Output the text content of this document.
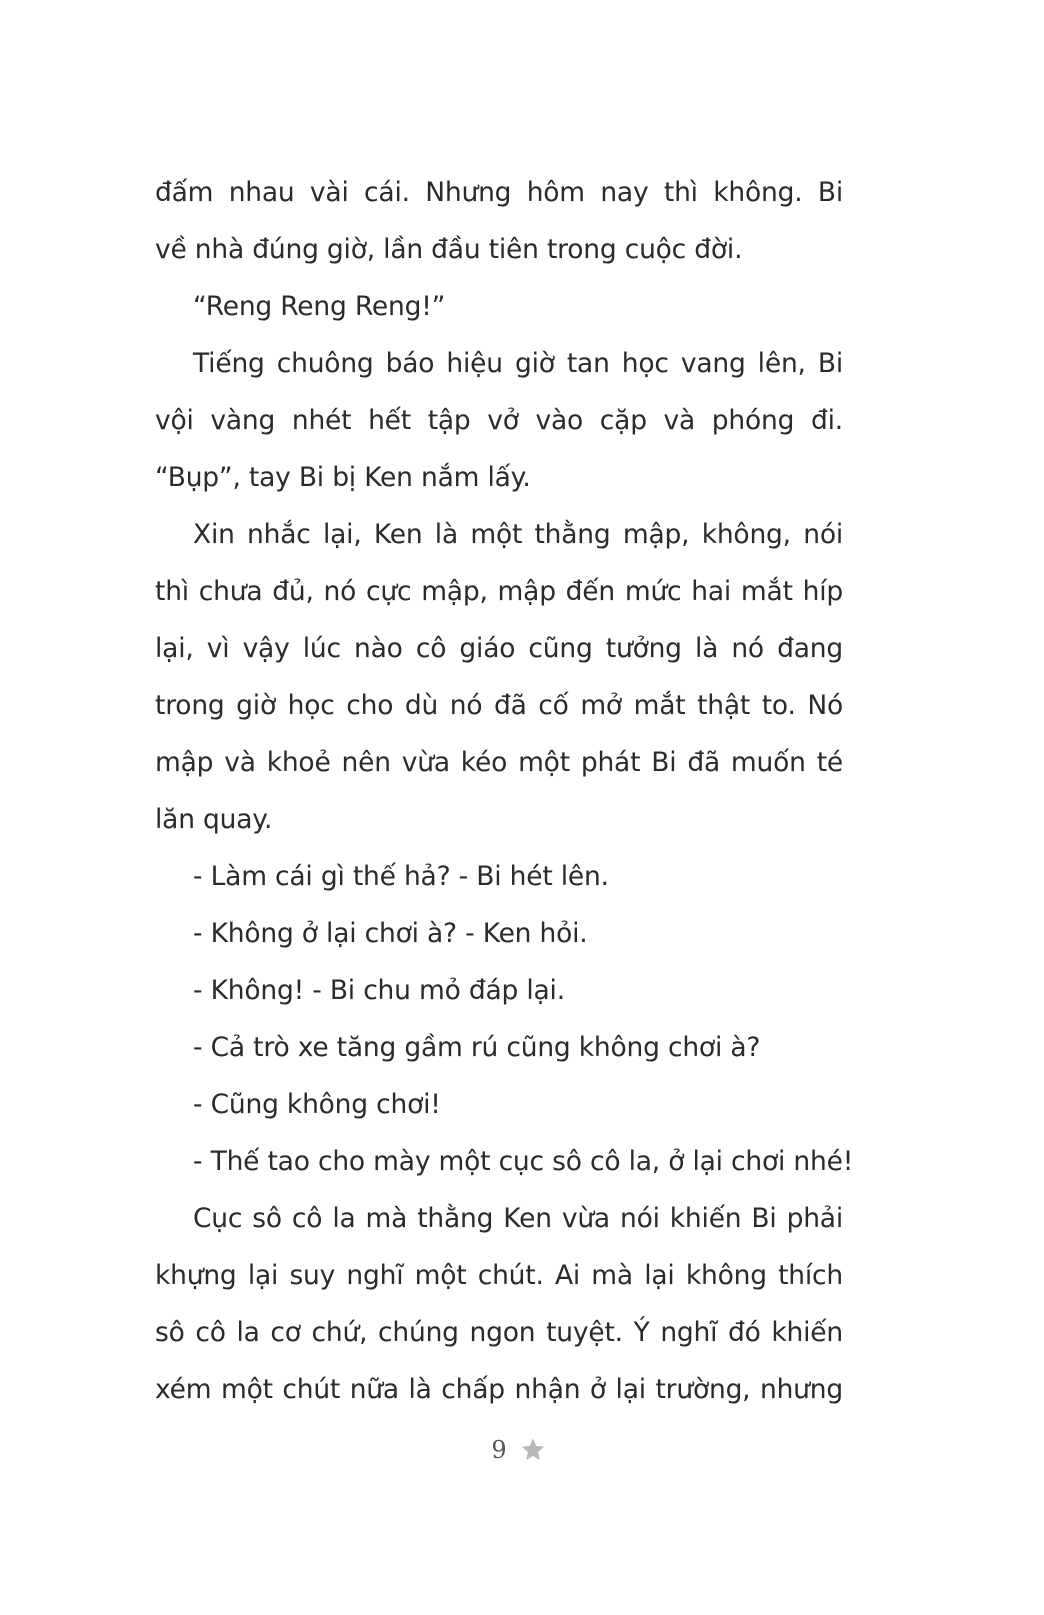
đấm nhau vài cái. Nhưng hôm nay thì không. Bi
về nhà đúng giờ, lần đầu tiên trong cuộc đời.
“Reng Reng Reng!”
Tiếng chuông báo hiệu giờ tan học vang lên, Bi
vội vàng nhét hết tập vở vào cặp và phóng đi.
“Bụp”, tay Bi bị Ken nắm lấy.
Xin nhắc lại, Ken là một thằng mập, không, nói
thì chưa đủ, nó cực mập, mập đến mức hai mắt híp
lại, vì vậy lúc nào cô giáo cũng tưởng là nó đang
trong giờ học cho dù nó đã cố mở mắt thật to. Nó
mập và khoẻ nên vừa kéo một phát Bi đã muốn té
lăn quay.
- Làm cái gì thế hả? - Bi hét lên.
- Không ở lại chơi à? - Ken hỏi.
- Không! - Bi chu mỏ đáp lại.
- Cả trò xe tăng gầm rú cũng không chơi à?
- Cũng không chơi!
- Thế tao cho mày một cục sô cô la, ở lại chơi nhé!
Cục sô cô la mà thằng Ken vừa nói khiến Bi phải
khựng lại suy nghĩ một chút. Ai mà lại không thích
sô cô la cơ chứ, chúng ngon tuyệt. Ý nghĩ đó khiến
xém một chút nữa là chấp nhận ở lại trường, nhưng
9
